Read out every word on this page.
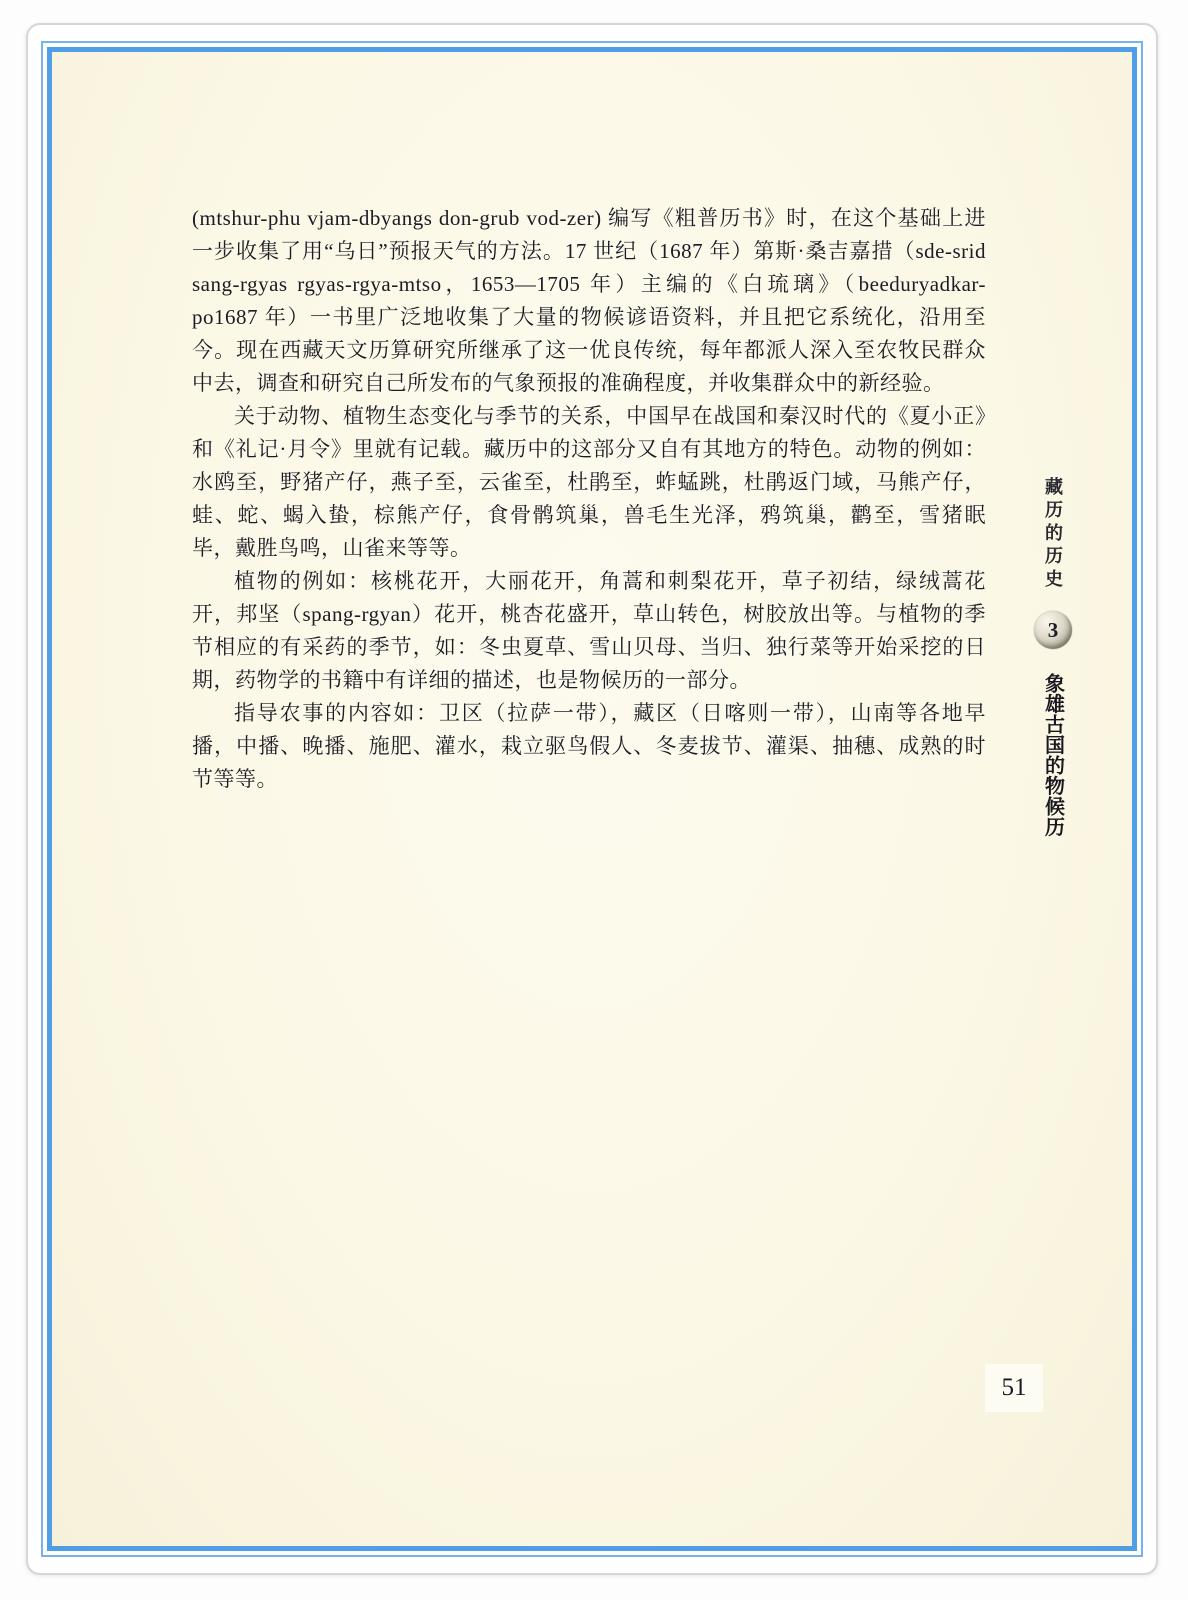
(mtshur-phu vjam-dbyangs don-grub vod-zer) 编写《粗普历书》时，在这个基础上进一步收集了用“乌日”预报天气的方法。17 世纪（1687 年）第斯·桑吉嘉措（sde-srid sang-rgyas rgyas-rgya-mtso，1653—1705 年）主编的《白琉璃》（beeduryadkar-po1687 年）一书里广泛地收集了大量的物候谚语资料，并且把它系统化，沿用至今。现在西藏天文历算研究所继承了这一优良传统，每年都派人深入至农牧民群众中去，调查和研究自己所发布的气象预报的准确程度，并收集群众中的新经验。

关于动物、植物生态变化与季节的关系，中国早在战国和秦汉时代的《夏小正》和《礼记·月令》里就有记载。藏历中的这部分又自有其地方的特色。动物的例如：水鸥至，野猪产仔，燕子至，云雀至，杜鹃至，蚱蜢跳，杜鹃返门域，马熊产仔，蛙、蛇、蝎入蛰，棕熊产仔，食骨鹘筑巢，兽毛生光泽，鸦筑巢，鹳至，雪猪眠毕，戴胜鸟鸣，山雀来等等。

植物的例如：核桃花开，大丽花开，角蒿和刺梨花开，草子初结，绿绒蒿花开，邦坚（spang-rgyan）花开，桃杏花盛开，草山转色，树胶放出等。与植物的季节相应的有采药的季节，如：冬虫夏草、雪山贝母、当归、独行菜等开始采挖的日期，药物学的书籍中有详细的描述，也是物候历的一部分。

指导农事的内容如：卫区（拉萨一带），藏区（日喀则一带），山南等各地早播，中播、晚播、施肥、灌水，栽立驱鸟假人、冬麦拔节、灌渠、抽穗、成熟的时节等等。

藏历的历史
3
象雄古国的物候历
51
